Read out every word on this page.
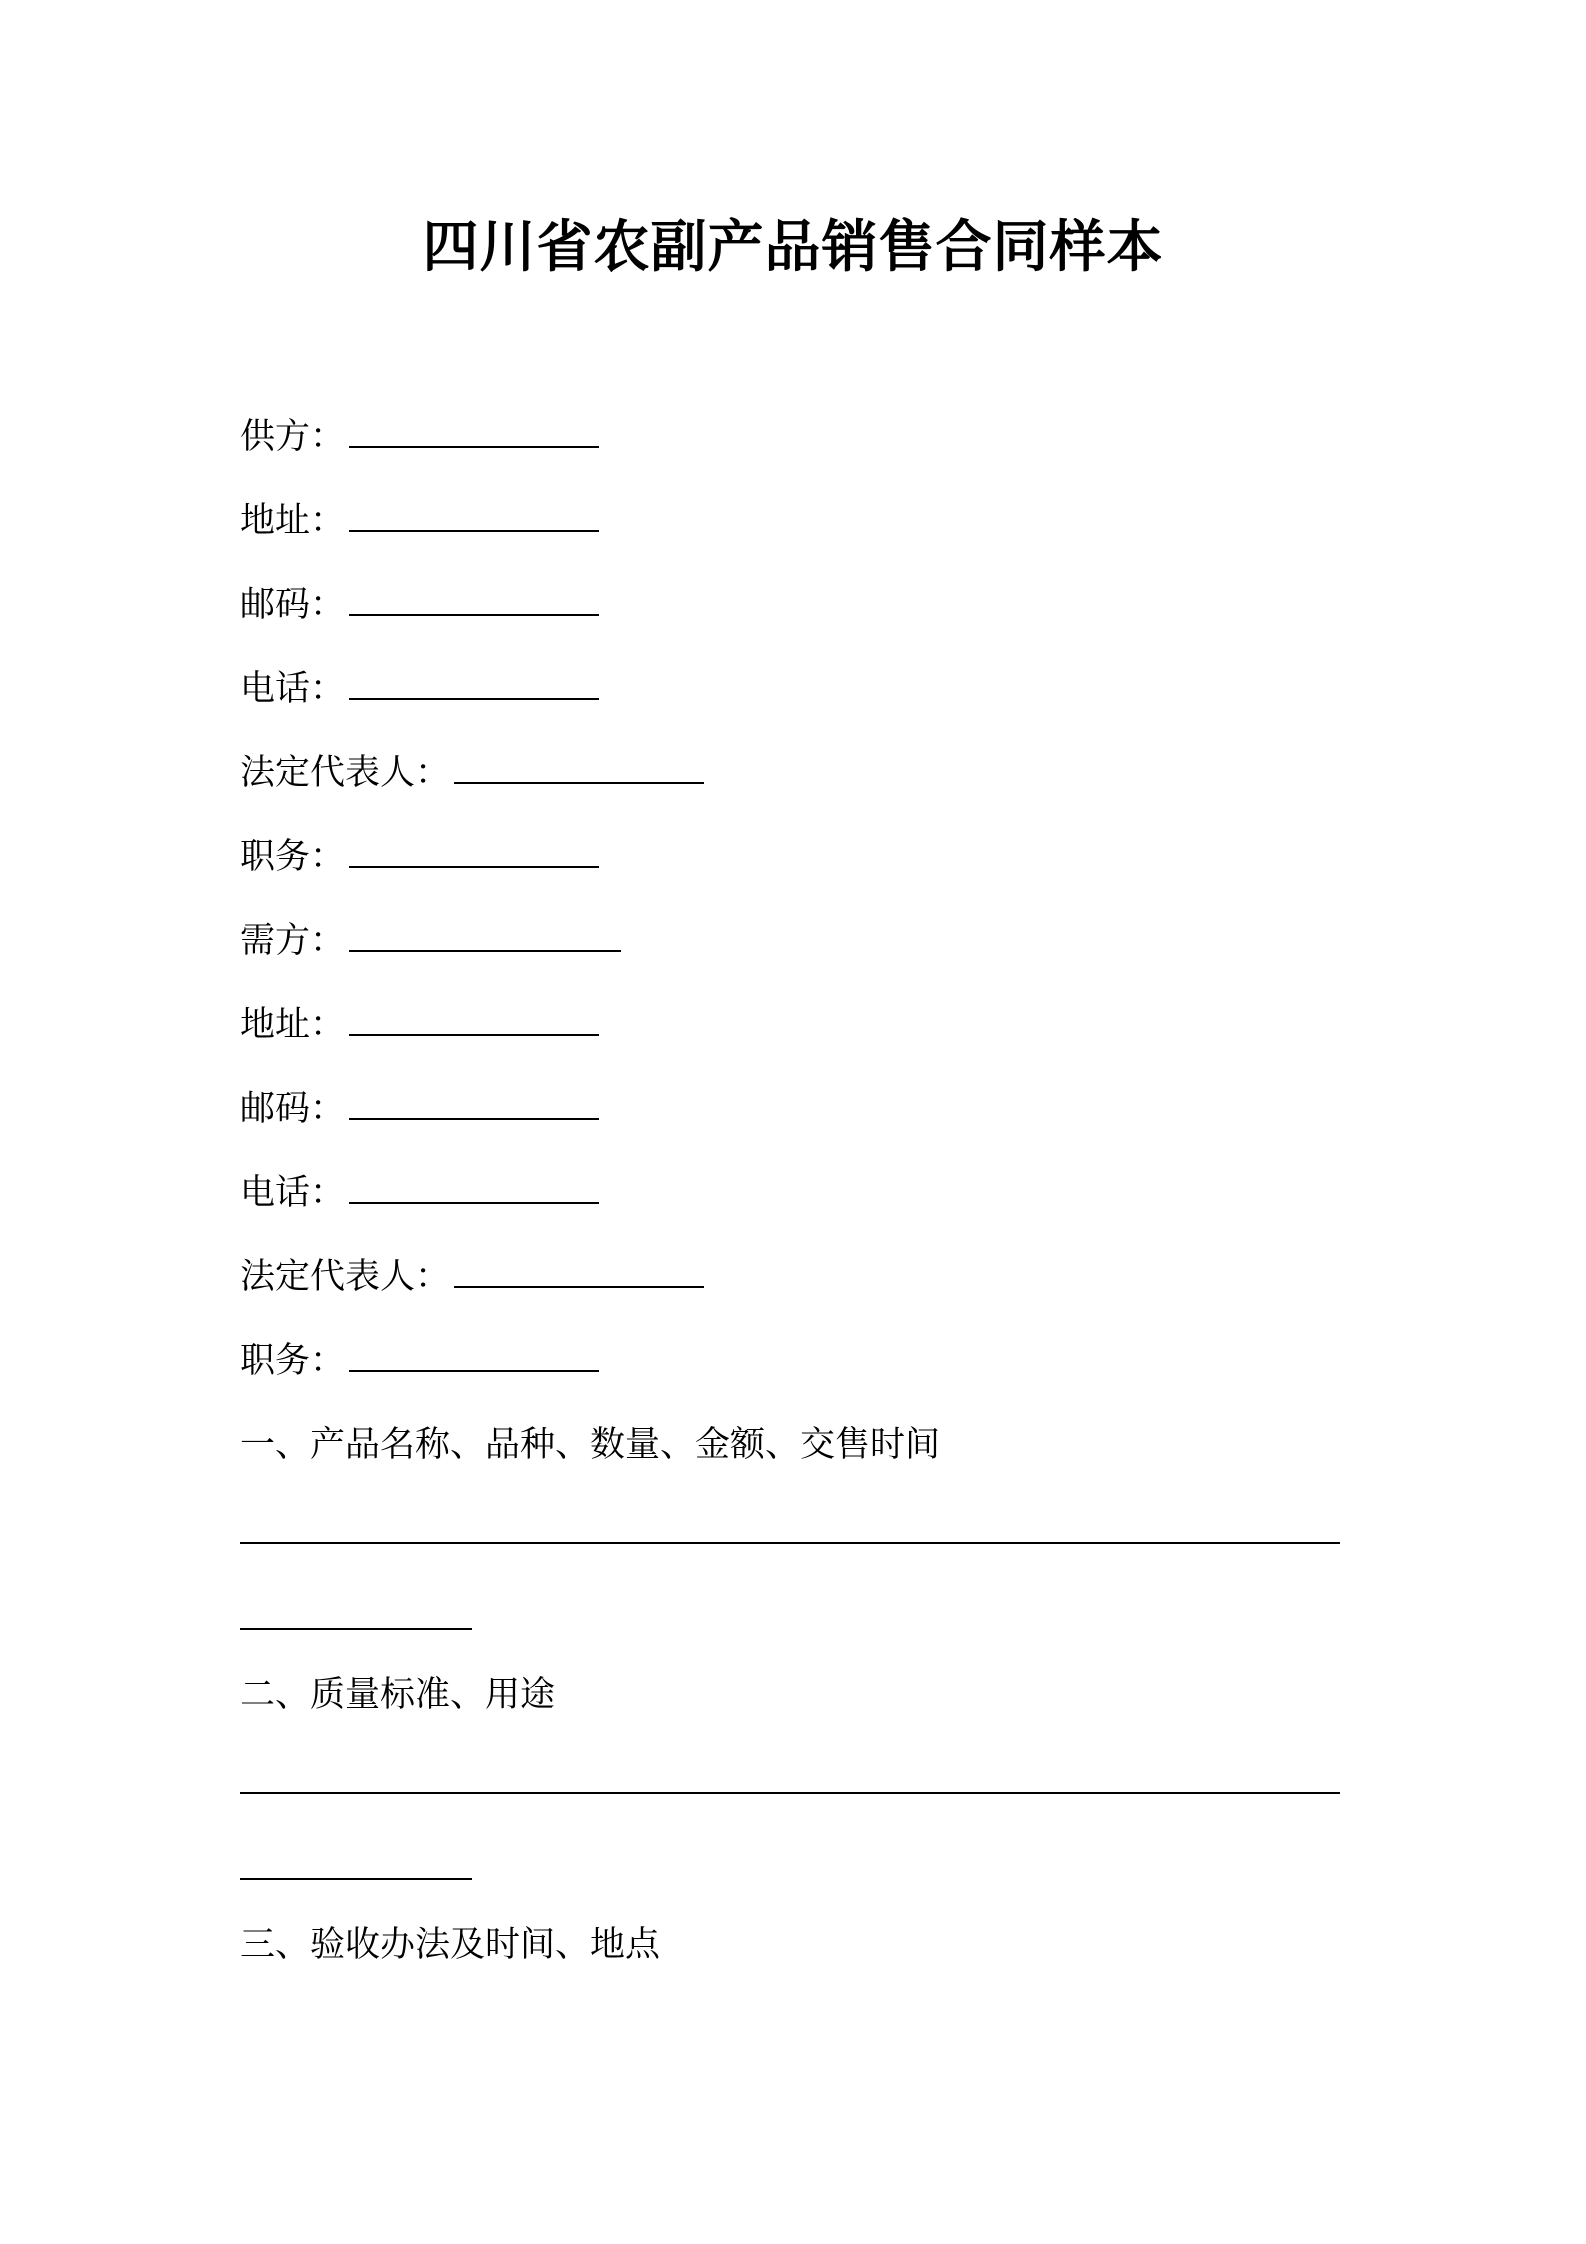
四川省农副产品销售合同样本
供方：
地址：
邮码：
电话：
法定代表人：
职务：
需方：
地址：
邮码：
电话：
法定代表人：
职务：
一、产品名称、品种、数量、金额、交售时间
二、质量标准、用途
三、验收办法及时间、地点
